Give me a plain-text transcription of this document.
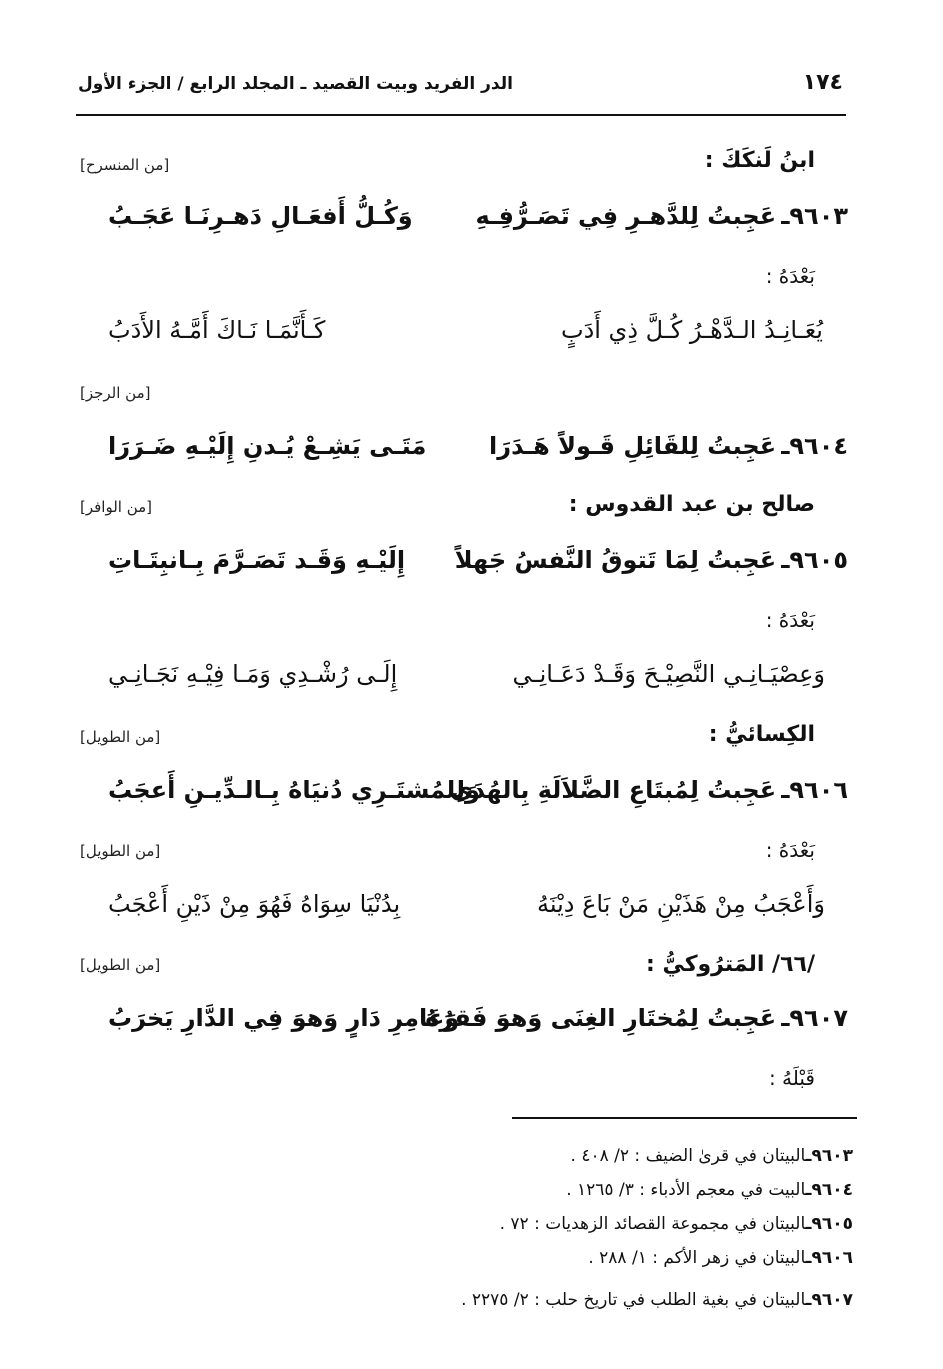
١٧٤
الدر الفريد وبيت القصيد ـ المجلد الرابع / الجزء الأول
ابنُ لَنكَكَ :
[من المنسرح]
٩٦٠٣ـ عَجِبتُ لِلدَّهـرِ فِي تَصَـرُّفِـهِ
وَكُـلُّ أَفعَـالِ دَهـرِنَـا عَجَـبُ
بَعْدَهُ :
يُعَـانِـدُ الـدَّهْـرُ كُـلَّ ذِي أَدَبٍ
كَـأَنَّمَـا نَـاكَ أَمَّـهُ الأَدَبُ
[من الرجز]
٩٦٠٤ـ عَجِبتُ لِلقَائِلِ قَـولاً هَـدَرَا
مَتَـى يَشِـعْ يُـدنِ إِلَيْـهِ ضَـرَرَا
صالح بن عبد القدوس :
[من الوافر]
٩٦٠٥ـ عَجِبتُ لِمَا تَتوقُ النَّفسُ جَهلاً
إِلَيْـهِ وَقَـد تَصَـرَّمَ بِـانبِتَـاتِ
بَعْدَهُ :
وَعِصْيَـانِـي النَّصِيْـحَ وَقَـدْ دَعَـانِـي
إِلَـى رُشْـدِي وَمَـا فِيْـهِ نَجَـانِـي
الكِسائيُّ :
[من الطويل]
٩٦٠٦ـ عَجِبتُ لِمُبتَاعِ الضَّلاَلَةِ بِالهُدَى
وَلِلمُشتَـرِي دُنيَاهُ بِـالـدِّيـنِ أَعجَبُ
بَعْدَهُ :
[من الطويل]
وَأَعْجَبُ مِنْ هَذَيْنِ مَنْ بَاعَ دِيْنَهُ
بِدُنْيَا سِوَاهُ فَهُوَ مِنْ ذَيْنِ أَعْجَبُ
/٦٦/ المَترُوكيُّ :
[من الطويل]
٩٦٠٧ـ عَجِبتُ لِمُختَارِ الغِنَى وَهوَ فَقرُهُ
وَعَامِرِ دَارٍ وَهوَ فِي الدَّارِ يَخرَبُ
قَبْلَهُ :
٩٦٠٣ـالبيتان في قرىٰ الضيف : ٢/ ٤٠٨ .
٩٦٠٤ـالبيت في معجم الأدباء : ٣/ ١٢٦٥ .
٩٦٠٥ـالبيتان في مجموعة القصائد الزهديات : ٧٢ .
٩٦٠٦ـالبيتان في زهر الأكم : ١/ ٢٨٨ .
٩٦٠٧ـالبيتان في بغية الطلب في تاريخ حلب : ٢/ ٢٢٧٥ .
